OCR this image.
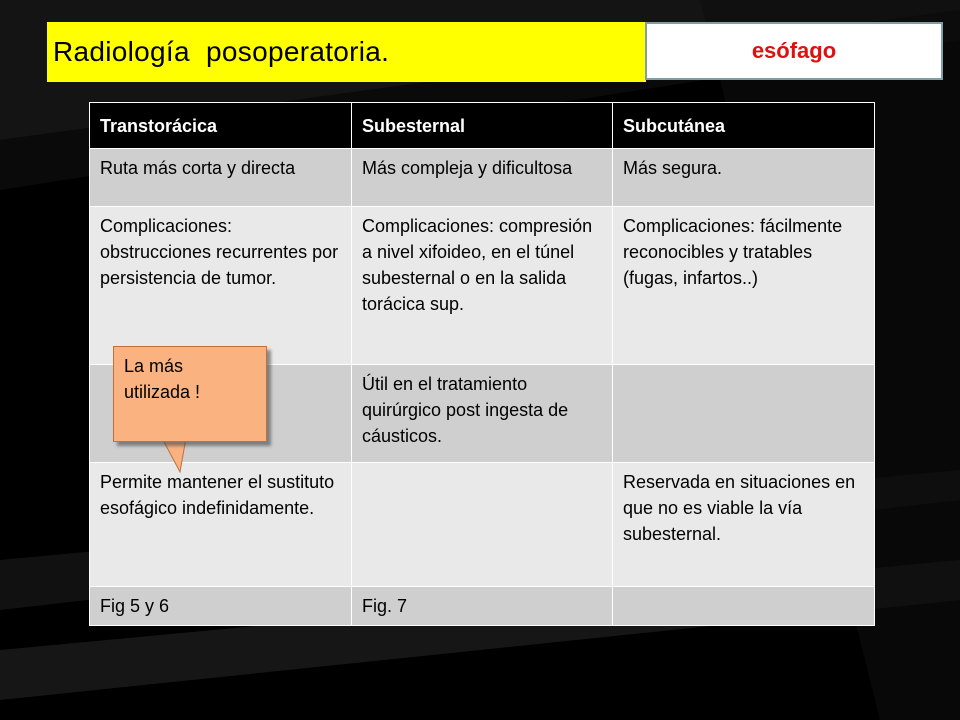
Radiología  posoperatoria.	esófago
Transtorácica	Subesternal	Subcutánea
Ruta más corta y directa	Más compleja y dificultosa	Más segura.
Complicaciones: obstrucciones recurrentes por persistencia de tumor.	Complicaciones: compresión a nivel xifoideo, en el túnel subesternal o en la salida torácica sup.	Complicaciones: fácilmente reconocibles y tratables (fugas, infartos..)
	Útil en el tratamiento quirúrgico post ingesta de cáusticos.	
Permite mantener el sustituto esofágico indefinidamente.		Reservada en situaciones en que no es viable la vía subesternal.
Fig 5 y 6	Fig. 7	
La más
utilizada !
